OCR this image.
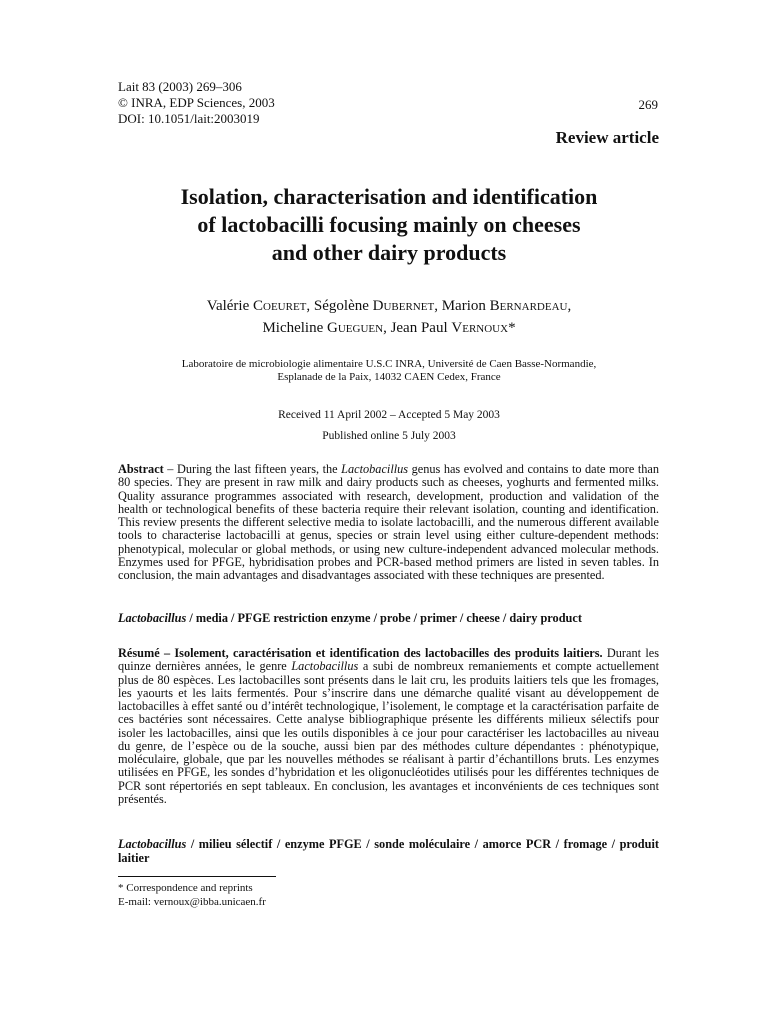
Lait 83 (2003) 269–306
© INRA, EDP Sciences, 2003
DOI: 10.1051/lait:2003019
269
Review article
Isolation, characterisation and identification
of lactobacilli focusing mainly on cheeses
and other dairy products
Valérie Coeuret, Ségolène Dubernet, Marion Bernardeau,
Micheline Gueguen, Jean Paul Vernoux*
Laboratoire de microbiologie alimentaire U.S.C INRA, Université de Caen Basse-Normandie,
Esplanade de la Paix, 14032 CAEN Cedex, France
Received 11 April 2002 – Accepted 5 May 2003
Published online 5 July 2003
Abstract – During the last fifteen years, the Lactobacillus genus has evolved and contains to date more than 80 species. They are present in raw milk and dairy products such as cheeses, yoghurts and fermented milks. Quality assurance programmes associated with research, development, production and validation of the health or technological benefits of these bacteria require their relevant isolation, counting and identification. This review presents the different selective media to isolate lactobacilli, and the numerous different available tools to characterise lactobacilli at genus, species or strain level using either culture-dependent methods: phenotypical, molecular or global methods, or using new culture-independent advanced molecular methods. Enzymes used for PFGE, hybridisation probes and PCR-based method primers are listed in seven tables. In conclusion, the main advantages and disadvantages associated with these techniques are presented.
Lactobacillus / media / PFGE restriction enzyme / probe / primer / cheese / dairy product
Résumé – Isolement, caractérisation et identification des lactobacilles des produits laitiers. Durant les quinze dernières années, le genre Lactobacillus a subi de nombreux remaniements et compte actuellement plus de 80 espèces. Les lactobacilles sont présents dans le lait cru, les produits laitiers tels que les fromages, les yaourts et les laits fermentés. Pour s’inscrire dans une démarche qualité visant au développement de lactobacilles à effet santé ou d’intérêt technologique, l’isolement, le comptage et la caractérisation parfaite de ces bactéries sont nécessaires. Cette analyse bibliographique présente les différents milieux sélectifs pour isoler les lactobacilles, ainsi que les outils disponibles à ce jour pour caractériser les lactobacilles au niveau du genre, de l’espèce ou de la souche, aussi bien par des méthodes culture dépendantes : phénotypique, moléculaire, globale, que par les nouvelles méthodes se réalisant à partir d’échantillons bruts. Les enzymes utilisées en PFGE, les sondes d’hybridation et les oligonucléotides utilisés pour les différentes techniques de PCR sont répertoriés en sept tableaux. En conclusion, les avantages et inconvénients de ces techniques sont présentés.
Lactobacillus / milieu sélectif / enzyme PFGE / sonde moléculaire / amorce PCR / fromage / produit laitier
* Correspondence and reprints
E-mail: vernoux@ibba.unicaen.fr
